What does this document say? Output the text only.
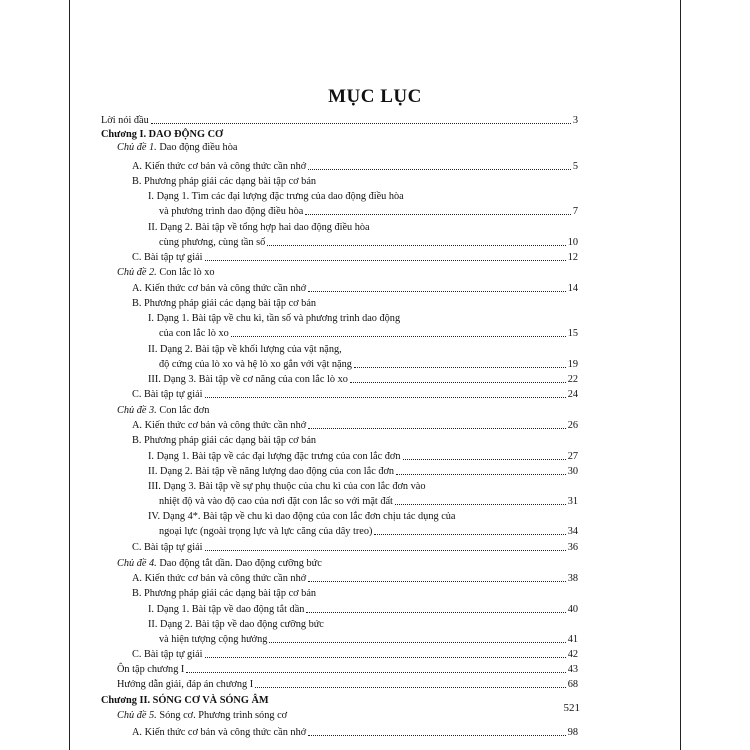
MỤC LỤC
Lời nói đầu	3
Chương I. DAO ĐỘNG CƠ
Chủ đề 1. Dao động điều hòa
A. Kiến thức cơ bản và công thức cần nhớ	5
B. Phương pháp giải các dạng bài tập cơ bản
I. Dạng 1. Tìm các đại lượng đặc trưng của dao động điều hòa
và phương trình dao động điều hòa	7
II. Dạng 2. Bài tập về tổng hợp hai dao động điều hòa
cùng phương, cùng tần số	10
C. Bài tập tự giải	12
Chủ đề 2. Con lắc lò xo
A. Kiến thức cơ bản và công thức cần nhớ	14
B. Phương pháp giải các dạng bài tập cơ bản
I. Dạng 1. Bài tập về chu kì, tần số và phương trình dao động
của con lắc lò xo	15
II. Dạng 2. Bài tập về khối lượng của vật nặng,
độ cứng của lò xo và hệ lò xo gắn với vật nặng	19
III. Dạng 3. Bài tập về cơ năng của con lắc lò xo	22
C. Bài tập tự giải	24
Chủ đề 3. Con lắc đơn
A. Kiến thức cơ bản và công thức cần nhớ	26
B. Phương pháp giải các dạng bài tập cơ bản
I. Dạng 1. Bài tập về các đại lượng đặc trưng của con lắc đơn	27
II. Dạng 2. Bài tập về năng lượng dao động của con lắc đơn	30
III. Dạng 3. Bài tập về sự phụ thuộc của chu kì của con lắc đơn vào
nhiệt độ và vào độ cao của nơi đặt con lắc so với mặt đất	31
IV. Dạng 4*. Bài tập về chu kì dao động của con lắc đơn chịu tác dụng của
ngoại lực (ngoài trọng lực và lực căng của dây treo)	34
C. Bài tập tự giải	36
Chủ đề 4. Dao động tắt dần. Dao động cưỡng bức
A. Kiến thức cơ bản và công thức cần nhớ	38
B. Phương pháp giải các dạng bài tập cơ bản
I. Dạng 1. Bài tập về dao động tắt dần	40
II. Dạng 2. Bài tập về dao động cưỡng bức
và hiện tượng cộng hưởng	41
C. Bài tập tự giải	42
Ôn tập chương I	43
Hướng dẫn giải, đáp án chương I	68
Chương II. SÓNG CƠ VÀ SÓNG ÂM
Chủ đề 5. Sóng cơ. Phương trình sóng cơ
A. Kiến thức cơ bản và công thức cần nhớ	98
521
